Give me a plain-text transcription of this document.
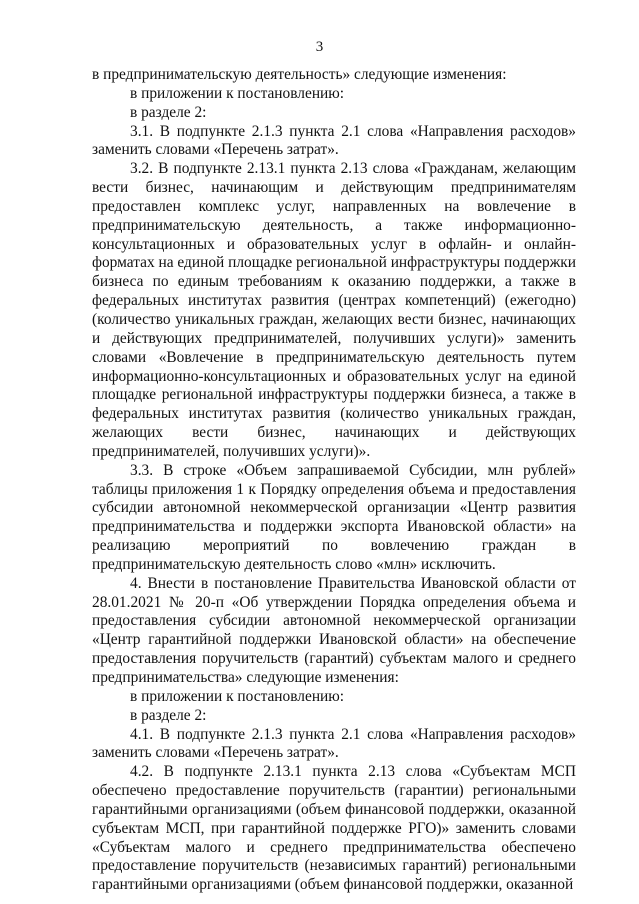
3

в предпринимательскую деятельность» следующие изменения:

в приложении к постановлению:

в разделе 2:

3.1. В подпункте 2.1.3 пункта 2.1 слова «Направления расходов» заменить словами «Перечень затрат».

3.2. В подпункте 2.13.1 пункта 2.13 слова «Гражданам, желающим вести бизнес, начинающим и действующим предпринимателям предоставлен комплекс услуг, направленных на вовлечение в предпринимательскую деятельность, а также информационно-консультационных и образовательных услуг в офлайн- и онлайн-форматах на единой площадке региональной инфраструктуры поддержки бизнеса по единым требованиям к оказанию поддержки, а также в федеральных институтах развития (центрах компетенций) (ежегодно) (количество уникальных граждан, желающих вести бизнес, начинающих и действующих предпринимателей, получивших услуги)» заменить словами «Вовлечение в предпринимательскую деятельность путем информационно-консультационных и образовательных услуг на единой площадке региональной инфраструктуры поддержки бизнеса, а также в федеральных институтах развития (количество уникальных граждан, желающих вести бизнес, начинающих и действующих предпринимателей, получивших услуги)».

3.3. В строке «Объем запрашиваемой Субсидии, млн рублей» таблицы приложения 1 к Порядку определения объема и предоставления субсидии автономной некоммерческой организации «Центр развития предпринимательства и поддержки экспорта Ивановской области» на реализацию мероприятий по вовлечению граждан в предпринимательскую деятельность слово «млн» исключить.

4. Внести в постановление Правительства Ивановской области от 28.01.2021 № 20-п «Об утверждении Порядка определения объема и предоставления субсидии автономной некоммерческой организации «Центр гарантийной поддержки Ивановской области» на обеспечение предоставления поручительств (гарантий) субъектам малого и среднего предпринимательства» следующие изменения:

в приложении к постановлению:

в разделе 2:

4.1. В подпункте 2.1.3 пункта 2.1 слова «Направления расходов» заменить словами «Перечень затрат».

4.2. В подпункте 2.13.1 пункта 2.13 слова «Субъектам МСП обеспечено предоставление поручительств (гарантии) региональными гарантийными организациями (объем финансовой поддержки, оказанной субъектам МСП, при гарантийной поддержке РГО)» заменить словами «Субъектам малого и среднего предпринимательства обеспечено предоставление поручительств (независимых гарантий) региональными гарантийными организациями (объем финансовой поддержки, оказанной
